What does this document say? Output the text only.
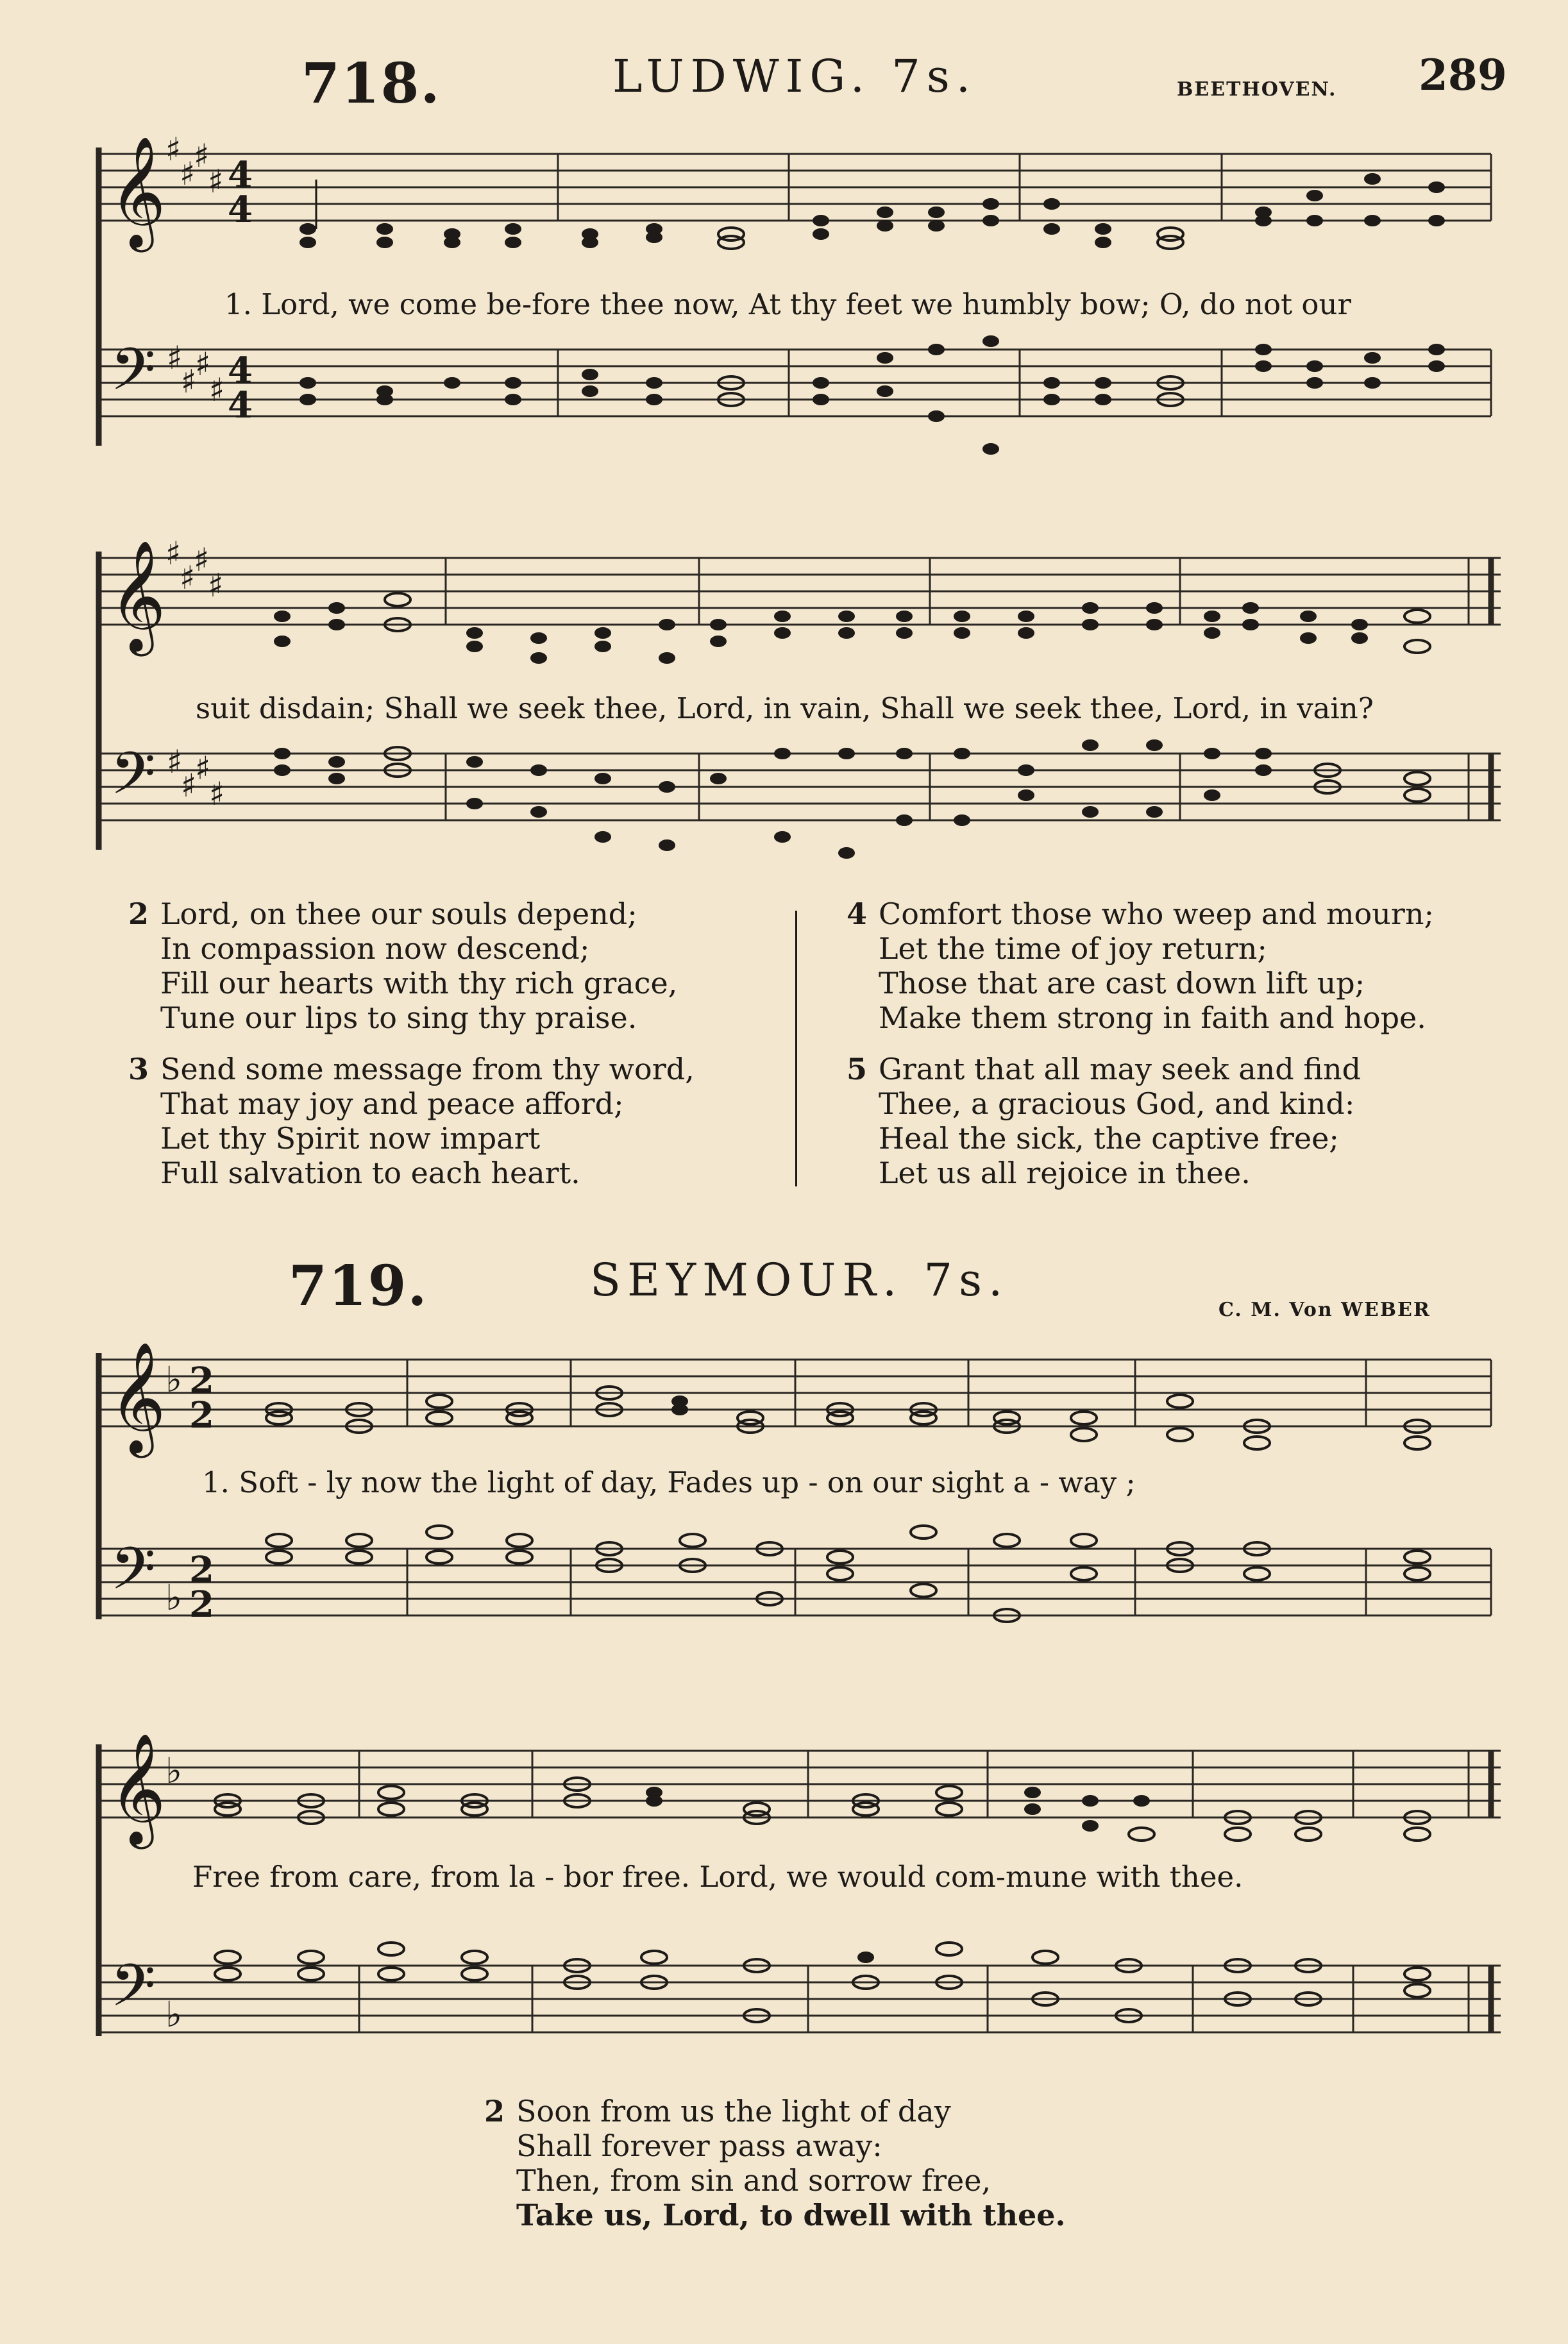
718.	LUDWIG. 7s.	BEETHOVEN. 289
𝄞 ♯
♯
♯
♯ 4
4
𝄢 ♯
♯
♯
♯ 4
4
1. Lord, we come be-fore thee now, At thy feet we humbly bow; O, do not our
𝄞 ♯
♯
♯
♯
𝄢 ♯
♯
♯
♯
suit disdain; Shall we seek thee, Lord, in vain, Shall we seek thee, Lord, in vain?
2 Lord, on thee our souls depend;
In compassion now descend;
Fill our hearts with thy rich grace,
Tune our lips to sing thy praise.
3 Send some message from thy word,
That may joy and peace afford;
Let thy Spirit now impart
Full salvation to each heart.
4 Comfort those who weep and mourn;
Let the time of joy return;
Those that are cast down lift up;
Make them strong in faith and hope.
5 Grant that all may seek and find
Thee, a gracious God, and kind:
Heal the sick, the captive free;
Let us all rejoice in thee.
719.	SEYMOUR. 7s.
C. M. Von WEBER
𝄞 ♭ 2
2
𝄢 ♭
2
2
1. Soft - ly now the light of day, Fades up - on our sight a - way ;
𝄞 ♭
𝄢 ♭
Free from care, from la - bor free. Lord, we would com-mune with thee.
2 Soon from us the light of day
Shall forever pass away:
Then, from sin and sorrow free,
Take us, Lord, to dwell with thee.
